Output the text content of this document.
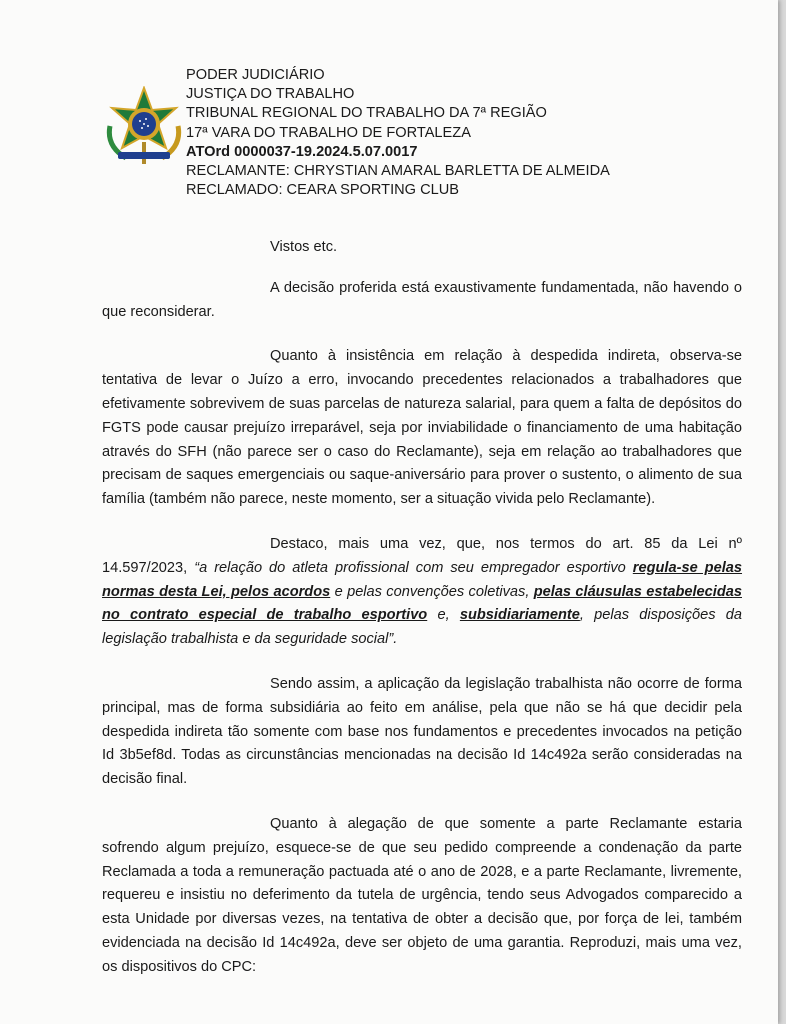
PODER JUDICIÁRIO
JUSTIÇA DO TRABALHO
TRIBUNAL REGIONAL DO TRABALHO DA 7ª REGIÃO
17ª VARA DO TRABALHO DE FORTALEZA
ATOrd 0000037-19.2024.5.07.0017
RECLAMANTE: CHRYSTIAN AMARAL BARLETTA DE ALMEIDA
RECLAMADO: CEARA SPORTING CLUB

Vistos etc.

A decisão proferida está exaustivamente fundamentada, não havendo o que reconsiderar.

Quanto à insistência em relação à despedida indireta, observa-se tentativa de levar o Juízo a erro, invocando precedentes relacionados a trabalhadores que efetivamente sobrevivem de suas parcelas de natureza salarial, para quem a falta de depósitos do FGTS pode causar prejuízo irreparável, seja por inviabilidade o financiamento de uma habitação através do SFH (não parece ser o caso do Reclamante), seja em relação ao trabalhadores que precisam de saques emergenciais ou saque-aniversário para prover o sustento, o alimento de sua família (também não parece, neste momento, ser a situação vivida pelo Reclamante).

Destaco, mais uma vez, que, nos termos do art. 85 da Lei nº 14.597/2023, “a relação do atleta profissional com seu empregador esportivo regula-se pelas normas desta Lei, pelos acordos e pelas convenções coletivas, pelas cláusulas estabelecidas no contrato especial de trabalho esportivo e, subsidiariamente, pelas disposições da legislação trabalhista e da seguridade social”.

Sendo assim, a aplicação da legislação trabalhista não ocorre de forma principal, mas de forma subsidiária ao feito em análise, pela que não se há que decidir pela despedida indireta tão somente com base nos fundamentos e precedentes invocados na petição Id 3b5ef8d. Todas as circunstâncias mencionadas na decisão Id 14c492a serão consideradas na decisão final.

Quanto à alegação de que somente a parte Reclamante estaria sofrendo algum prejuízo, esquece-se de que seu pedido compreende a condenação da parte Reclamada a toda a remuneração pactuada até o ano de 2028, e a parte Reclamante, livremente, requereu e insistiu no deferimento da tutela de urgência, tendo seus Advogados comparecido a esta Unidade por diversas vezes, na tentativa de obter a decisão que, por força de lei, também evidenciada na decisão Id 14c492a, deve ser objeto de uma garantia. Reproduzi, mais uma vez, os dispositivos do CPC:
